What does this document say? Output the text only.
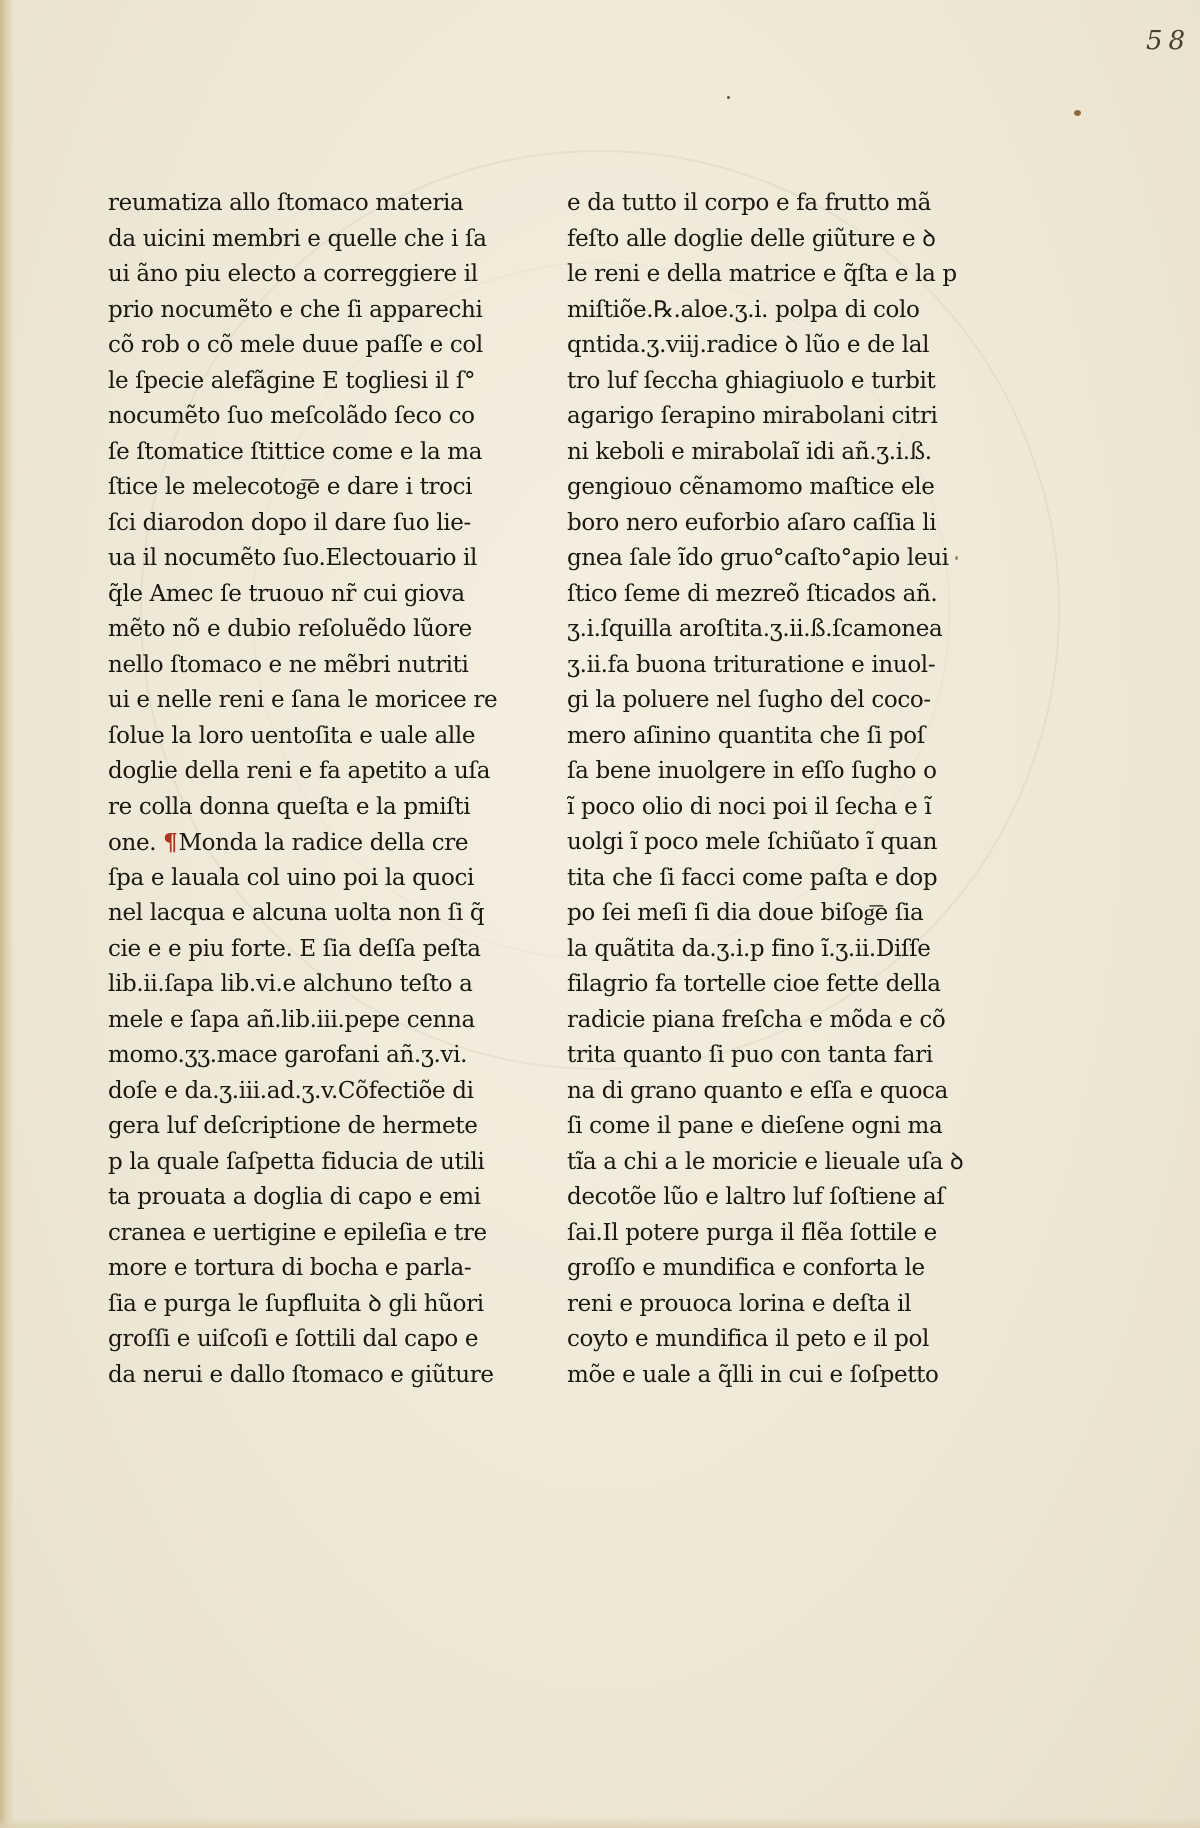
58
reumatiza allo ſtomaco materia
da uicini membri e quelle che i ſa
ui ãno piu electo a correggiere il
prio nocumẽto e che ſi apparechi
cõ rob o cõ mele duue paſſe e col
le ſpecie alefãgine E togliesi il ſ°
nocumẽto ſuo meſcolãdo ſeco co
ſe ſtomatice ſtittice come e la ma
ſtice le melecotog͞e e dare i troci
ſci diarodon dopo il dare ſuo lie-
ua il nocumẽto ſuo.Electouario il
q̃le Amec ſe truouo nr̃ cui giova
mẽto nõ e dubio reſoluẽdo lũore
nello ſtomaco e ne mẽbri nutriti
ui e nelle reni e ſana le moricee re
ſolue la loro uentoſita e uale alle
doglie della reni e fa apetito a uſa
re colla donna queſta e la pmiſti
one. ¶Monda la radice della cre
ſpa e lauala col uino poi la quoci
nel lacqua e alcuna uolta non ſi q̃
cie e e piu forte. E ſia deſſa peſta
lib.ii.ſapa lib.vi.e alchuno teſto a
mele e ſapa añ.lib.iii.pepe cenna
momo.ʒʒ.mace garofani añ.ʒ.vi.
doſe e da.ʒ.iii.ad.ʒ.v.Cõfectiõe di
gera luf deſcriptione de hermete
p la quale ſaſpetta fiducia de utili
ta prouata a doglia di capo e emi
cranea e uertigine e epileſia e tre
more e tortura di bocha e parla-
ſia e purga le ſupfluita ꝺ gli hũori
groſſi e uiſcoſi e ſottili dal capo e
da nerui e dallo ſtomaco e giũture
e da tutto il corpo e fa frutto mã
feſto alle doglie delle giũture e ꝺ
le reni e della matrice e q̃ſta e la p
miſtiõe.℞.aloe.ʒ.i. polpa di colo
qntida.ʒ.viij.radice ꝺ lũo e de lal
tro luf ſeccha ghiagiuolo e turbit
agarigo ſerapino mirabolani citri
ni keboli e mirabolaĩ idi añ.ʒ.i.ß.
gengiouo cẽnamomo maſtice ele
boro nero euforbio aſaro caſſia li
gnea ſale ĩdo gruo°caſto°apio leui
ſtico ſeme di mezreõ ſticados añ.
ʒ.i.ſquilla aroſtita.ʒ.ii.ß.ſcamonea
ʒ.ii.fa buona trituratione e inuol-
gi la poluere nel ſugho del coco-
mero aſinino quantita che ſi poſ
ſa bene inuolgere in eſſo ſugho o
ĩ poco olio di noci poi il ſecha e ĩ
uolgi ĩ poco mele ſchiũato ĩ quan
tita che ſi facci come paſta e dop
po ſei meſi ſi dia doue biſog͞e ſia
la quãtita da.ʒ.i.p fino ĩ.ʒ.ii.Diſſe
filagrio fa tortelle cioe fette della
radicie piana freſcha e mõda e cõ
trita quanto ſi puo con tanta fari
na di grano quanto e eſſa e quoca
ſi come il pane e dieſene ogni ma
tĩa a chi a le moricie e lieuale uſa ꝺ
decotõe lũo e laltro luf ſoſtiene aſ
ſai.Il potere purga il flẽa ſottile e
groſſo e mundifica e conforta le
reni e prouoca lorina e deſta il
coyto e mundifica il peto e il pol
mõe e uale a q̃lli in cui e ſoſpetto
